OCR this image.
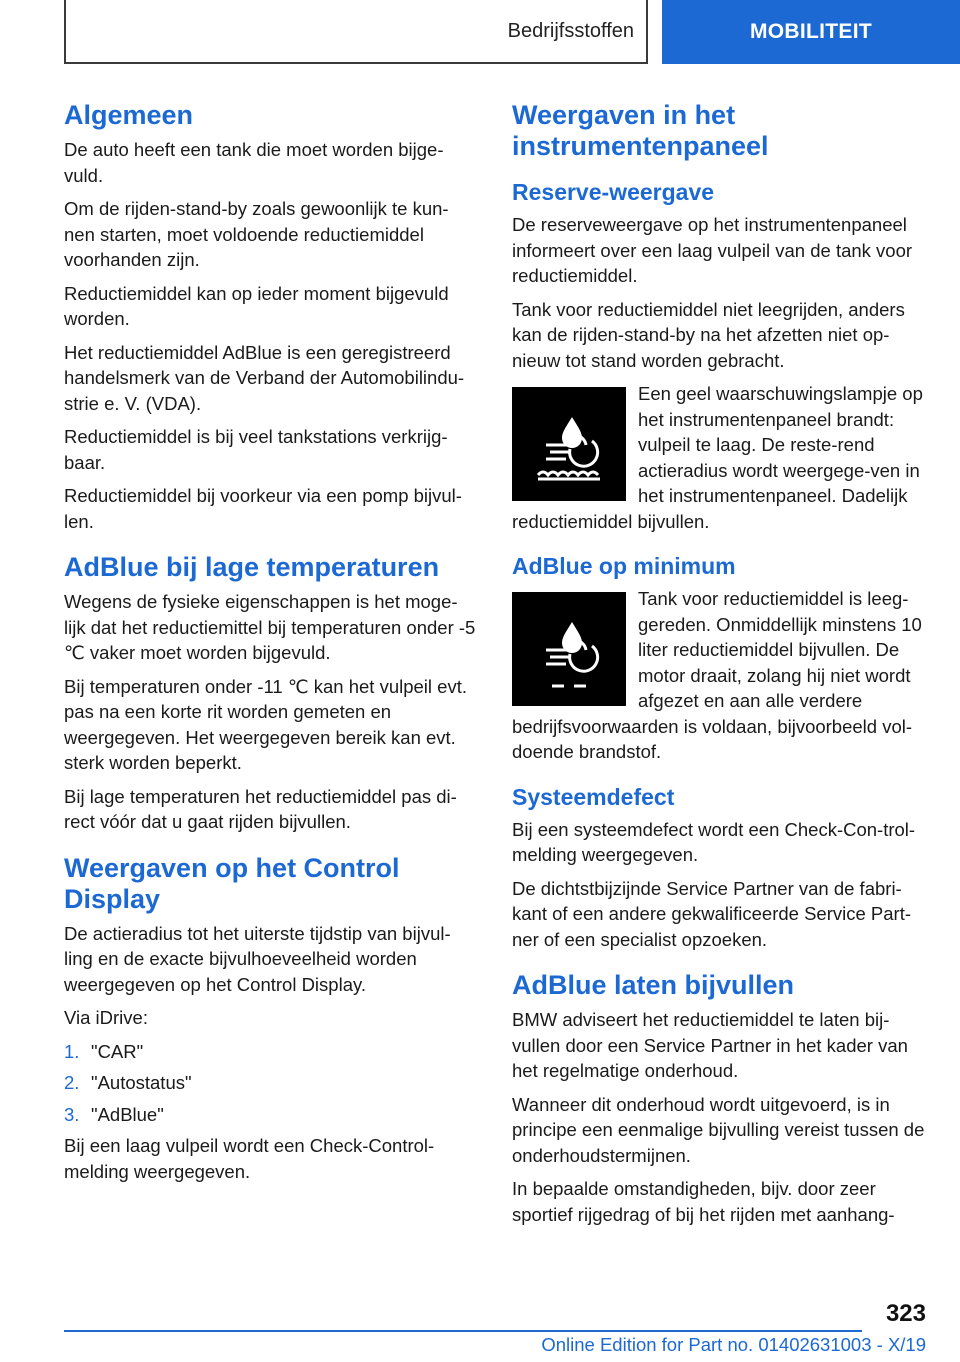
Bedrijfsstoffen	MOBILITEIT
Algemeen

De auto heeft een tank die moet worden bijge-vuld.

Om de rijden-stand-by zoals gewoonlijk te kun-nen starten, moet voldoende reductiemiddel voorhanden zijn.

Reductiemiddel kan op ieder moment bijgevuld worden.

Het reductiemiddel AdBlue is een geregistreerd handelsmerk van de Verband der Automobilindu-strie e. V. (VDA).

Reductiemiddel is bij veel tankstations verkrijg-baar.

Reductiemiddel bij voorkeur via een pomp bijvul-len.

AdBlue bij lage temperaturen

Wegens de fysieke eigenschappen is het moge-lijk dat het reductiemittel bij temperaturen onder -5 ℃ vaker moet worden bijgevuld.

Bij temperaturen onder -11 ℃ kan het vulpeil evt. pas na een korte rit worden gemeten en weergegeven. Het weergegeven bereik kan evt. sterk worden beperkt.

Bij lage temperaturen het reductiemiddel pas di-rect vóór dat u gaat rijden bijvullen.

Weergaven op het Control Display

De actieradius tot het uiterste tijdstip van bijvul-ling en de exacte bijvulhoeveelheid worden weergegeven op het Control Display.

Via iDrive:

1. "CAR"
2. "Autostatus"
3. "AdBlue"

Bij een laag vulpeil wordt een Check-Control-melding weergegeven.

Weergaven in het instrumentenpaneel
Reserve-weergave

De reserveweergave op het instrumentenpaneel informeert over een laag vulpeil van de tank voor reductiemiddel.

Tank voor reductiemiddel niet leegrijden, anders kan de rijden-stand-by na het afzetten niet op-nieuw tot stand worden gebracht.

Een geel waarschuwingslampje op het instrumentenpaneel brandt: vulpeil te laag. De reste-rend actieradius wordt weergege-ven in het instrumentenpaneel. Dadelijk reductiemiddel bijvullen.

AdBlue op minimum

Tank voor reductiemiddel is leeg-gereden. Onmiddellijk minstens 10 liter reductiemiddel bijvullen. De motor draait, zolang hij niet wordt afgezet en aan alle verdere bedrijfsvoorwaarden is voldaan, bijvoorbeeld vol-doende brandstof.

Systeemdefect

Bij een systeemdefect wordt een Check-Con-trol-melding weergegeven.

De dichtstbijzijnde Service Partner van de fabri-kant of een andere gekwalificeerde Service Part-ner of een specialist opzoeken.

AdBlue laten bijvullen

BMW adviseert het reductiemiddel te laten bij-vullen door een Service Partner in het kader van het regelmatige onderhoud.

Wanneer dit onderhoud wordt uitgevoerd, is in principe een eenmalige bijvulling vereist tussen de onderhoudstermijnen.

In bepaalde omstandigheden, bijv. door zeer sportief rijgedrag of bij het rijden met aanhang-

323
Online Edition for Part no. 01402631003 - X/19
